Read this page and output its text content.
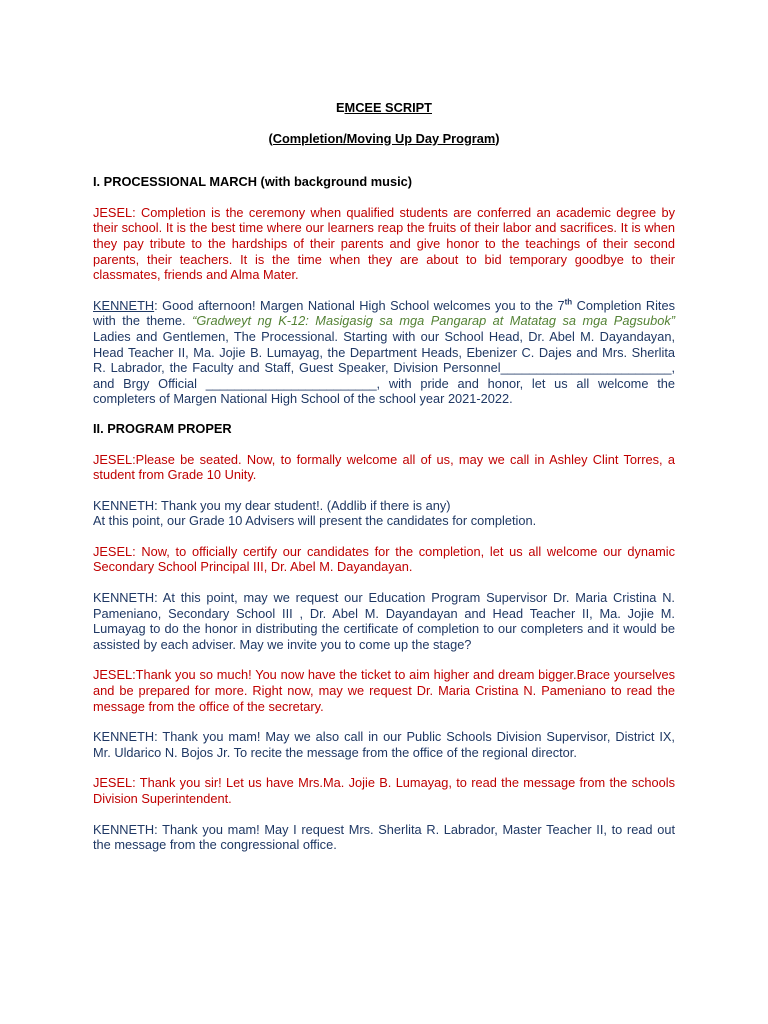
EMCEE SCRIPT
(Completion/Moving Up Day Program)
I. PROCESSIONAL MARCH (with background music)

JESEL: Completion is the ceremony when qualified students are conferred an academic degree by their school. It is the best time where our learners reap the fruits of their labor and sacrifices. It is when they pay tribute to the hardships of their parents and give honor to the teachings of their second parents, their teachers. It is the time when they are about to bid temporary goodbye to their classmates, friends and Alma Mater.

KENNETH: Good afternoon! Margen National High School welcomes you to the 7th Completion Rites with the theme. “Gradweyt ng K-12: Masigasig sa mga Pangarap at Matatag sa mga Pagsubok” Ladies and Gentlemen, The Processional. Starting with our School Head, Dr. Abel M. Dayandayan, Head Teacher II, Ma. Jojie B. Lumayag, the Department Heads, Ebenizer C. Dajes and Mrs. Sherlita R. Labrador, the Faculty and Staff, Guest Speaker, Division Personnel________________________, and Brgy Official ________________________, with pride and honor, let us all welcome the completers of Margen National High School of the school year 2021-2022.

II. PROGRAM PROPER

JESEL:Please be seated. Now, to formally welcome all of us, may we call in Ashley Clint Torres, a student from Grade 10 Unity.

KENNETH: Thank you my dear student!. (Addlib if there is any)

At this point, our Grade 10 Advisers will present the candidates for completion.

JESEL: Now, to officially certify our candidates for the completion, let us all welcome our dynamic Secondary School Principal III, Dr. Abel M. Dayandayan.

KENNETH: At this point, may we request our Education Program Supervisor Dr. Maria Cristina N. Pameniano, Secondary School III , Dr. Abel M. Dayandayan and Head Teacher II, Ma. Jojie M. Lumayag to do the honor in distributing the certificate of completion to our completers and it would be assisted by each adviser. May we invite you to come up the stage?

JESEL:Thank you so much! You now have the ticket to aim higher and dream bigger.Brace yourselves and be prepared for more. Right now, may we request Dr. Maria Cristina N. Pameniano to read the message from the office of the secretary.

KENNETH: Thank you mam! May we also call in our Public Schools Division Supervisor, District IX, Mr. Uldarico N. Bojos Jr. To recite the message from the office of the regional director.

JESEL: Thank you sir! Let us have Mrs.Ma. Jojie B. Lumayag, to read the message from the schools Division Superintendent.

KENNETH: Thank you mam! May I request Mrs. Sherlita R. Labrador, Master Teacher II, to read out the message from the congressional office.
